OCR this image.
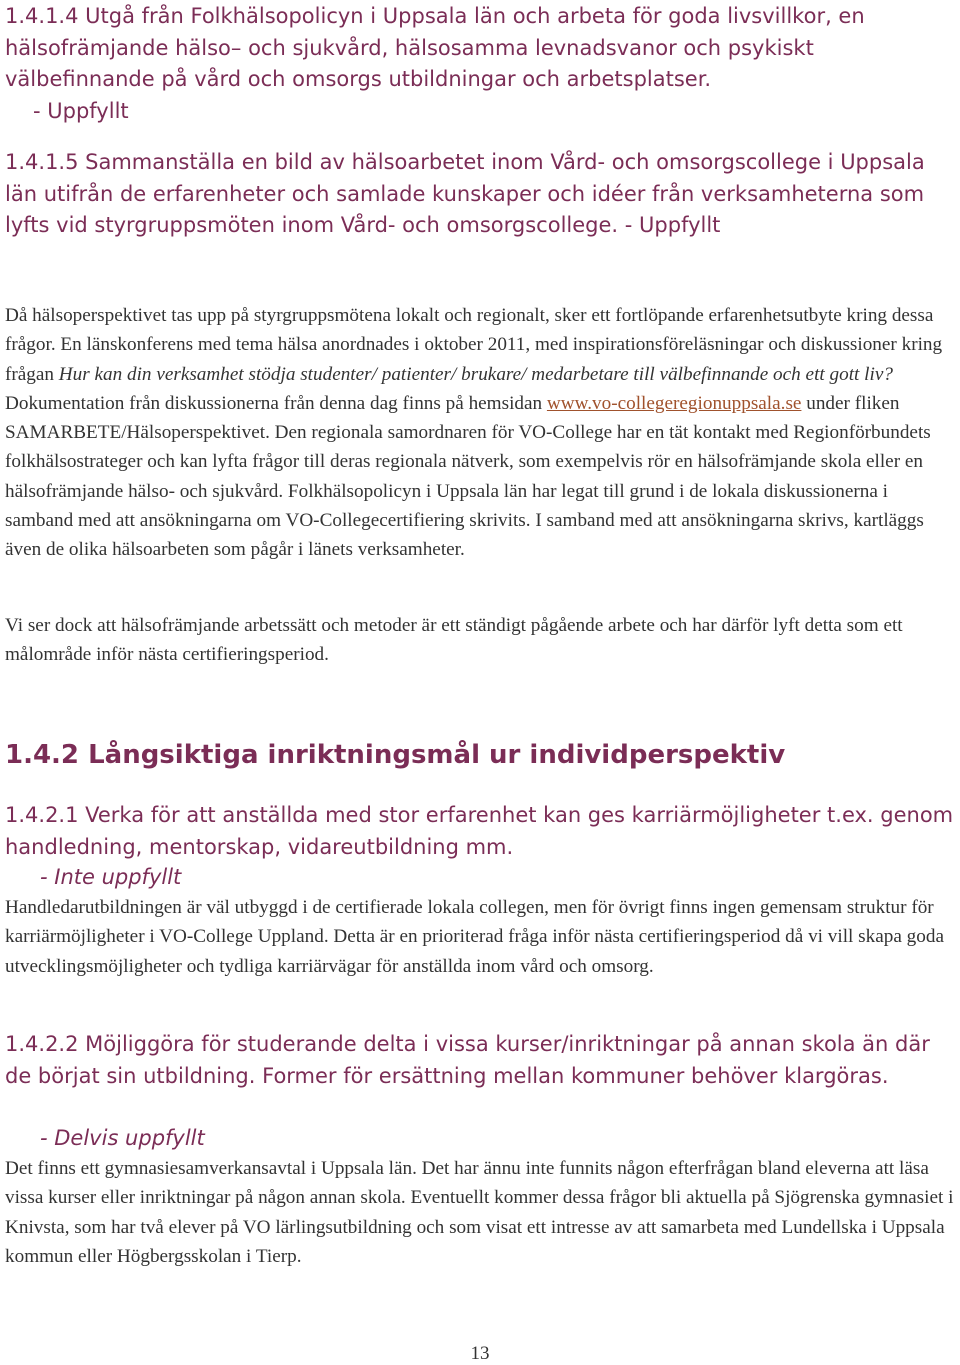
1.4.1.4 Utgå från Folkhälsopolicyn i Uppsala län och arbeta för goda livsvillkor, en hälsofrämjande hälso– och sjukvård, hälsosamma levnadsvanor och psykiskt välbefinnande på vård och omsorgs utbildningar och arbetsplatser.
- Uppfyllt
1.4.1.5 Sammanställa en bild av hälsoarbetet inom Vård- och omsorgscollege i Uppsala län utifrån de erfarenheter och samlade kunskaper och idéer från verksamheterna som lyfts vid styrgruppsmöten inom Vård- och omsorgscollege. - Uppfyllt

Då hälsoperspektivet tas upp på styrgruppsmötena lokalt och regionalt, sker ett fortlöpande erfarenhetsutbyte kring dessa frågor. En länskonferens med tema hälsa anordnades i oktober 2011, med inspirationsföreläsningar och diskussioner kring frågan Hur kan din verksamhet stödja studenter/ patienter/ brukare/ medarbetare till välbefinnande och ett gott liv? Dokumentation från diskussionerna från denna dag finns på hemsidan www.vo-collegeregionuppsala.se under fliken SAMARBETE/Hälsoperspektivet. Den regionala samordnaren för VO-College har en tät kontakt med Regionförbundets folkhälsostrateger och kan lyfta frågor till deras regionala nätverk, som exempelvis rör en hälsofrämjande skola eller en hälsofrämjande hälso- och sjukvård. Folkhälsopolicyn i Uppsala län har legat till grund i de lokala diskussionerna i samband med att ansökningarna om VO-Collegecertifiering skrivits. I samband med att ansökningarna skrivs, kartläggs även de olika hälsoarbeten som pågår i länets verksamheter.

Vi ser dock att hälsofrämjande arbetssätt och metoder är ett ständigt pågående arbete och har därför lyft detta som ett målområde inför nästa certifieringsperiod.

1.4.2 Långsiktiga inriktningsmål ur individperspektiv
1.4.2.1 Verka för att anställda med stor erfarenhet kan ges karriärmöjligheter t.ex. genom handledning, mentorskap, vidareutbildning mm.
- Inte uppfyllt

Handledarutbildningen är väl utbyggd i de certifierade lokala collegen, men för övrigt finns ingen gemensam struktur för karriärmöjligheter i VO-College Uppland. Detta är en prioriterad fråga inför nästa certifieringsperiod då vi vill skapa goda utvecklingsmöjligheter och tydliga karriärvägar för anställda inom vård och omsorg.

1.4.2.2 Möjliggöra för studerande delta i vissa kurser/inriktningar på annan skola än där de börjat sin utbildning. Former för ersättning mellan kommuner behöver klargöras.
- Delvis uppfyllt

Det finns ett gymnasiesamverkansavtal i Uppsala län. Det har ännu inte funnits någon efterfrågan bland eleverna att läsa vissa kurser eller inriktningar på någon annan skola. Eventuellt kommer dessa frågor bli aktuella på Sjögrenska gymnasiet i Knivsta, som har två elever på VO lärlingsutbildning och som visat ett intresse av att samarbeta med Lundellska i Uppsala kommun eller Högbergsskolan i Tierp.

13
